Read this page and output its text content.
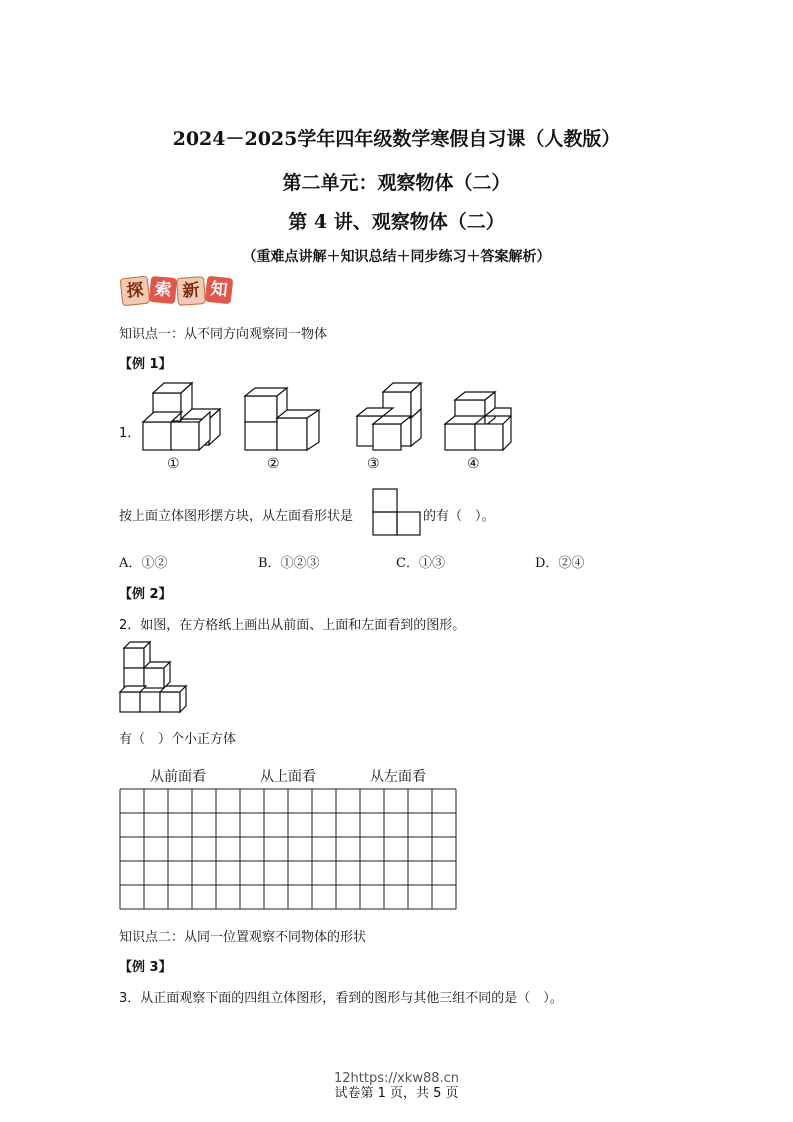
2024－2025学年四年级数学寒假自习课（人教版）
第二单元：观察物体（二）
第 4 讲、观察物体（二）
（重难点讲解＋知识总结＋同步练习＋答案解析）
探 索 新 知
知识点一：从不同方向观察同一物体
【例 1】
1．
①	②	③	④
按上面立体图形摆方块，从左面看形状是	的有（　）。
A．①②	B．①②③	C．①③	D．②④
【例 2】
2．如图，在方格纸上画出从前面、上面和左面看到的图形。
有（　）个小正方体
从前面看	从上面看	从左面看
知识点二：从同一位置观察不同物体的形状
【例 3】
3．从正面观察下面的四组立体图形，看到的图形与其他三组不同的是（　）。
12https://xkw88.cn
试卷第 1 页，共 5 页
